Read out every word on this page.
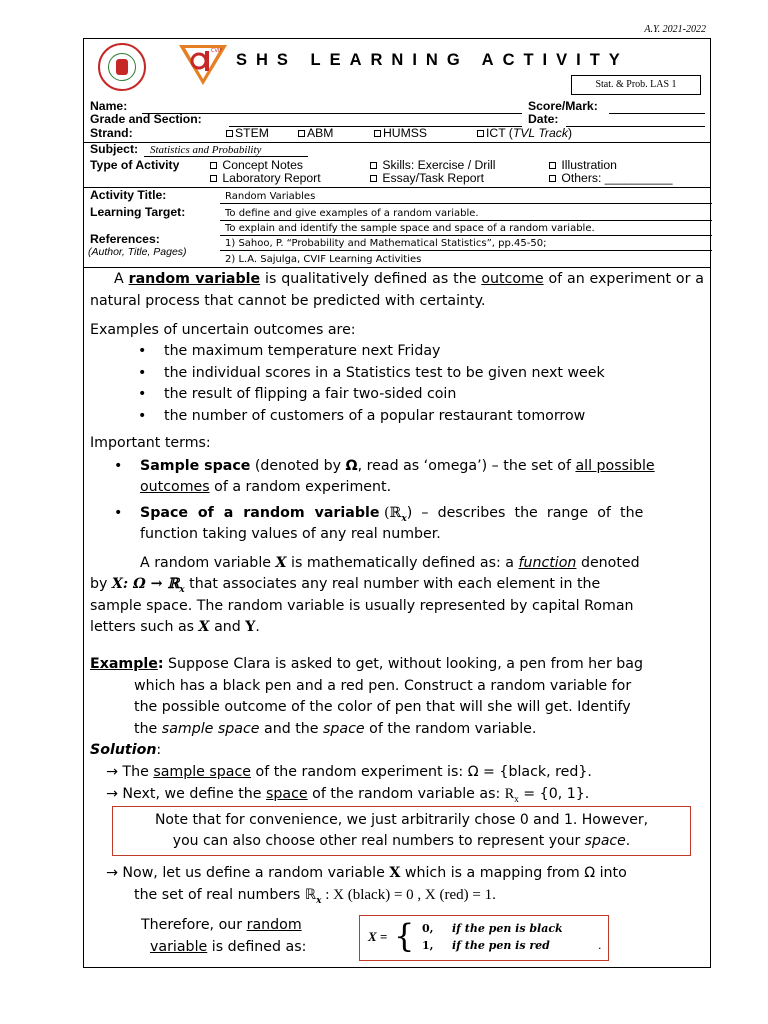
A.Y. 2021-2022
CVIF SHS LEARNING ACTIVITY
Stat. & Prob. LAS 1
Name:	Score/Mark:
Grade and Section:	Date:
Strand:	STEM	ABM	HUMSS	ICT (TVL Track)
Subject: Statistics and Probability
Type of Activity	Concept Notes	Skills: Exercise / Drill	Illustration
Laboratory Report	Essay/Task Report	Others: __________
Activity Title:	Random Variables
Learning Target:	To define and give examples of a random variable.
To explain and identify the sample space and space of a random variable.
References:
(Author, Title, Pages)
1) Sahoo, P. “Probability and Mathematical Statistics”, pp.45-50;
2) L.A. Sajulga, CVIF Learning Activities
A random variable is qualitatively defined as the outcome of an experiment or a natural process that cannot be predicted with certainty.
Examples of uncertain outcomes are:
• the maximum temperature next Friday
• the individual scores in a Statistics test to be given next week
• the result of flipping a fair two-sided coin
• the number of customers of a popular restaurant tomorrow
Important terms:
• Sample space (denoted by Ω, read as ‘omega’) – the set of all possible
outcomes of a random experiment.
• Space of a random variable (ℝ$_x$) – describes the range of the
function taking values of any real number.
A random variable X is mathematically defined as: a function denoted
by X: Ω → ℝ$_x$ that associates any real number with each element in the
sample space. The random variable is usually represented by capital Roman
letters such as X and Y.
Example: Suppose Clara is asked to get, without looking, a pen from her bag
which has a black pen and a red pen. Construct a random variable for
the possible outcome of the color of pen that will she will get. Identify
the sample space and the space of the random variable.
Solution:
→ The sample space of the random experiment is: Ω = {black, red}.
→ Next, we define the space of the random variable as: $R_x = \{0$, 1}.
Note that for convenience, we just arbitrarily chose 0 and 1. However,
you can also choose other real numbers to represent your space.
→ Now, let us define a random variable X which is a mapping from Ω into
the set of real numbers ℝ$_x$ : X (black) = 0 , X (red) = 1.
Therefore, our random
variable is defined as:
X = { 0, if the pen is black
1, if the pen is red	.
